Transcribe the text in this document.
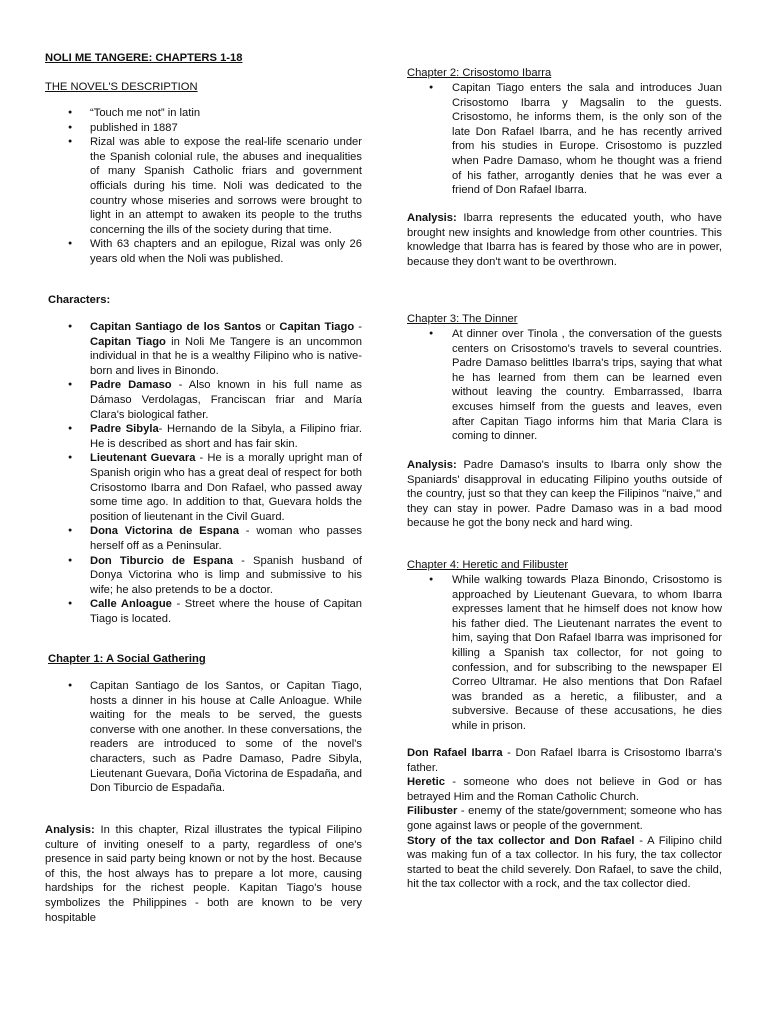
NOLI ME TANGERE: CHAPTERS 1-18
THE NOVEL'S DESCRIPTION
● “Touch me not” in latin
● published in 1887
● Rizal was able to expose the real-life scenario under the Spanish colonial rule, the abuses and inequalities of many Spanish Catholic friars and government officials during his time. Noli was dedicated to the country whose miseries and sorrows were brought to light in an attempt to awaken its people to the truths concerning the ills of the society during that time.
● With 63 chapters and an epilogue, Rizal was only 26 years old when the Noli was published.
Characters:
● Capitan Santiago de los Santos or Capitan Tiago - Capitan Tiago in Noli Me Tangere is an uncommon individual in that he is a wealthy Filipino who is native-born and lives in Binondo.
● Padre Damaso - Also known in his full name as Dámaso Verdolagas, Franciscan friar and María Clara's biological father.
● Padre Sibyla- Hernando de la Sibyla, a Filipino friar. He is described as short and has fair skin.
● Lieutenant Guevara - He is a morally upright man of Spanish origin who has a great deal of respect for both Crisostomo Ibarra and Don Rafael, who passed away some time ago. In addition to that, Guevara holds the position of lieutenant in the Civil Guard.
● Dona Victorina de Espana - woman who passes herself off as a Peninsular.
● Don Tiburcio de Espana - Spanish husband of Donya Victorina who is limp and submissive to his wife; he also pretends to be a doctor.
● Calle Anloague - Street where the house of Capitan Tiago is located.
Chapter 1: A Social Gathering
● Capitan Santiago de los Santos, or Capitan Tiago, hosts a dinner in his house at Calle Anloague. While waiting for the meals to be served, the guests converse with one another. In these conversations, the readers are introduced to some of the novel's characters, such as Padre Damaso, Padre Sibyla, Lieutenant Guevara, Doña Victorina de Espadaña, and Don Tiburcio de Espadaña.

Analysis: In this chapter, Rizal illustrates the typical Filipino culture of inviting oneself to a party, regardless of one's presence in said party being known or not by the host. Because of this, the host always has to prepare a lot more, causing hardships for the richest people. Kapitan Tiago's house symbolizes the Philippines - both are known to be very hospitable

Chapter 2: Crisostomo Ibarra
● Capitan Tiago enters the sala and introduces Juan Crisostomo Ibarra y Magsalin to the guests. Crisostomo, he informs them, is the only son of the late Don Rafael Ibarra, and he has recently arrived from his studies in Europe. Crisostomo is puzzled when Padre Damaso, whom he thought was a friend of his father, arrogantly denies that he was ever a friend of Don Rafael Ibarra.

Analysis: Ibarra represents the educated youth, who have brought new insights and knowledge from other countries. This knowledge that Ibarra has is feared by those who are in power, because they don't want to be overthrown.

Chapter 3: The Dinner
● At dinner over Tinola , the conversation of the guests centers on Crisostomo's travels to several countries. Padre Damaso belittles Ibarra's trips, saying that what he has learned from them can be learned even without leaving the country. Embarrassed, Ibarra excuses himself from the guests and leaves, even after Capitan Tiago informs him that Maria Clara is coming to dinner.

Analysis: Padre Damaso's insults to Ibarra only show the Spaniards' disapproval in educating Filipino youths outside of the country, just so that they can keep the Filipinos "naive," and they can stay in power. Padre Damaso was in a bad mood because he got the bony neck and hard wing.

Chapter 4: Heretic and Filibuster
● While walking towards Plaza Binondo, Crisostomo is approached by Lieutenant Guevara, to whom Ibarra expresses lament that he himself does not know how his father died. The Lieutenant narrates the event to him, saying that Don Rafael Ibarra was imprisoned for killing a Spanish tax collector, for not going to confession, and for subscribing to the newspaper El Correo Ultramar. He also mentions that Don Rafael was branded as a heretic, a filibuster, and a subversive. Because of these accusations, he dies while in prison.

Don Rafael Ibarra - Don Rafael Ibarra is Crisostomo Ibarra's father.

Heretic - someone who does not believe in God or has betrayed Him and the Roman Catholic Church.

Filibuster - enemy of the state/government; someone who has gone against laws or people of the government.

Story of the tax collector and Don Rafael - A Filipino child was making fun of a tax collector. In his fury, the tax collector started to beat the child severely. Don Rafael, to save the child, hit the tax collector with a rock, and the tax collector died.
